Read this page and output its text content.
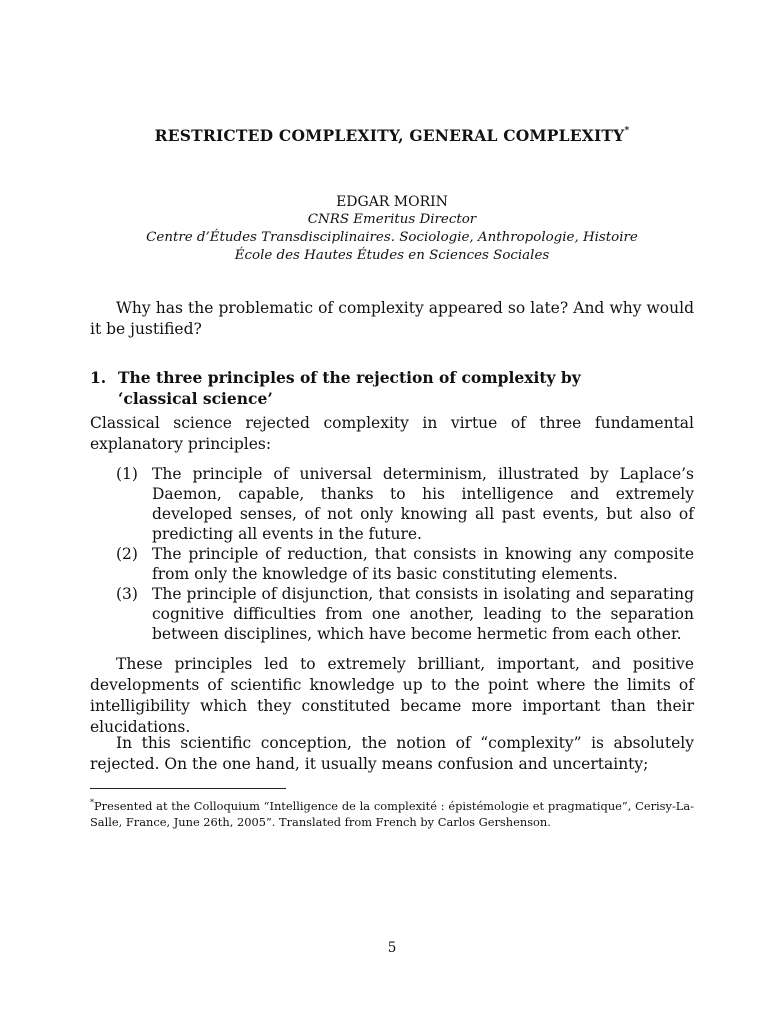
RESTRICTED COMPLEXITY, GENERAL COMPLEXITY*
EDGAR MORIN
CNRS Emeritus Director
Centre d’Études Transdisciplinaires. Sociologie, Anthropologie, Histoire
École des Hautes Études en Sciences Sociales

Why has the problematic of complexity appeared so late? And why would it be justified?

1. The three principles of the rejection of complexity by
‘classical science’

Classical science rejected complexity in virtue of three fundamental explanatory principles:

(1) The principle of universal determinism, illustrated by Laplace’s Daemon, capable, thanks to his intelligence and extremely developed senses, of not only knowing all past events, but also of predicting all events in the future.
(2) The principle of reduction, that consists in knowing any composite from only the knowledge of its basic constituting elements.
(3) The principle of disjunction, that consists in isolating and separating cognitive difficulties from one another, leading to the separation between disciplines, which have become hermetic from each other.

These principles led to extremely brilliant, important, and positive developments of scientific knowledge up to the point where the limits of intelligibility which they constituted became more important than their elucidations.

In this scientific conception, the notion of “complexity” is absolutely rejected. On the one hand, it usually means confusion and uncertainty;

*Presented at the Colloquium “Intelligence de la complexité : épistémologie et pragmatique”, Cerisy-La-Salle, France, June 26th, 2005”. Translated from French by Carlos Gershenson.
5
